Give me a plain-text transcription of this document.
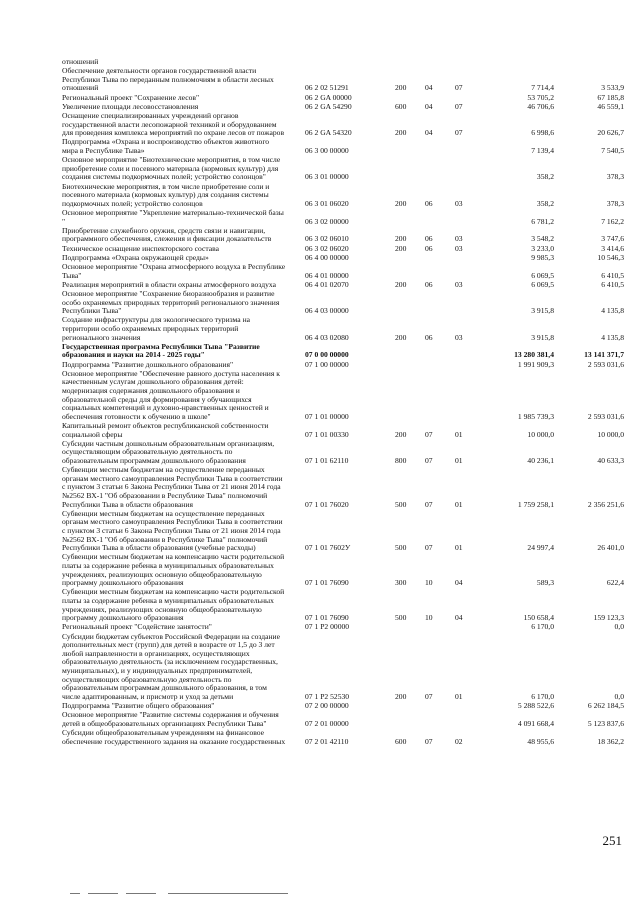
отношений
Обеспечение деятельности органов государственной власти
Республики Тыва по переданным полномочиям в области лесных
отношений	06 2 02 51291	200 04	07	7 714,4	3 533,9
Региональный проект "Сохранение лесов"	06 2 GA 00000	53 705,2	67 185,8
Увеличение площади лесовосстановления	06 2 GA 54290	600 04	07	46 706,6	46 559,1
Оснащение специализированных учреждений органов
государственной власти лесопожарной техникой и оборудованием
для проведения комплекса мероприятий по охране лесов от пожаров	06 2 GA 54320	200 04	07	6 998,6	20 626,7
Подпрограмма «Охрана и воспроизводство объектов животного
мира в Республике Тыва»	06 3 00 00000	7 139,4	7 540,5
Основное мероприятие "Биотехнические мероприятия, в том числе
приобретение соли и посевного материала (кормовых культур) для
создания системы подкормочных полей; устройство солонцов"	06 3 01 00000	358,2	378,3
Биотехнические мероприятия, в том числе приобретение соли и
посевного материала (кормовых культур) для создания системы
подкормочных полей; устройство солонцов	06 3 01 06020	200 06	03	358,2	378,3
Основное мероприятие "Укрепление материально-технической базы
"	06 3 02 00000	6 781,2	7 162,2
Приобретение служебного оружия, средств связи и навигации,
программного обеспечения, слежения и фиксации доказательств	06 3 02 06010	200 06	03	3 548,2	3 747,6
Техническое оснащение инспекторского состава	06 3 02 06020	200 06	03	3 233,0	3 414,6
Подпрограмма «Охрана окружающей среды»	06 4 00 00000	9 985,3	10 546,3
Основное мероприятие "Охрана атмосферного воздуха в Республике
Тыва"	06 4 01 00000	6 069,5	6 410,5
Реализация мероприятий в области охраны атмосферного воздуха	06 4 01 02070	200 06	03	6 069,5	6 410,5
Основное мероприятие "Сохранение биоразнообразия и развитие
особо охраняемых природных территорий регионального значения
Республики Тыва"	06 4 03 00000	3 915,8	4 135,8
Создание инфраструктуры для экологического туризма на
территории особо охраняемых природных территорий
регионального значения	06 4 03 02080	200 06	03	3 915,8	4 135,8
Государственная программа Республики Тыва "Развитие
образования и науки на 2014 - 2025 годы"	07 0 00 00000	13 280 381,4	13 141 371,7
Подпрограмма "Развитие дошкольного образования"	07 1 00 00000	1 991 909,3	2 593 031,6
Основное мероприятие "Обеспечение равного доступа населения к
качественным услугам дошкольного образования детей:
модернизация содержания дошкольного образования и
образовательной среды для формирования у обучающихся
социальных компетенций и духовно-нравственных ценностей и
обеспечения готовности к обучению в школе"	07 1 01 00000	1 985 739,3	2 593 031,6
Капитальный ремонт объектов республиканской собственности
социальной сферы	07 1 01 00330	200 07	01	10 000,0	10 000,0
Субсидии частным дошкольным образовательным организациям,
осуществляющим образовательную деятельность по
образовательным программам дошкольного образования	07 1 01 62110	800 07	01	40 236,1	40 633,3
Субвенции местным бюджетам на осуществление переданных
органам местного самоуправления Республики Тыва в соответствии
с пунктом 3 статьи 6 Закона Республики Тыва от 21 июня 2014 года
№2562 ВХ-1 "Об образовании в Республике Тыва" полномочий
Республики Тыва в области образования	07 1 01 76020	500 07	01	1 759 258,1	2 356 251,6
Субвенции местным бюджетам на осуществление переданных
органам местного самоуправления Республики Тыва в соответствии
с пунктом 3 статьи 6 Закона Республики Тыва от 21 июня 2014 года
№2562 ВХ-1 "Об образовании в Республике Тыва" полномочий
Республики Тыва в области образования (учебные расходы)	07 1 01 7602У	500 07	01	24 997,4	26 401,0
Субвенции местным бюджетам на компенсацию части родительской
платы за содержание ребенка в муниципальных образовательных
учреждениях, реализующих основную общеобразовательную
программу дошкольного образования	07 1 01 76090	300 10	04	589,3	622,4
Субвенции местным бюджетам на компенсацию части родительской
платы за содержание ребенка в муниципальных образовательных
учреждениях, реализующих основную общеобразовательную
программу дошкольного образования	07 1 01 76090	500 10	04	150 658,4	159 123,3
Региональный проект "Содействие занятости"	07 1 P2 00000	6 170,0	0,0
Субсидии бюджетам субъектов Российской Федерации на создание
дополнительных мест (групп) для детей в возрасте от 1,5 до 3 лет
любой направленности в организациях, осуществляющих
образовательную деятельность (за исключением государственных,
муниципальных), и у индивидуальных предпринимателей,
осуществляющих образовательную деятельность по
образовательным программам дошкольного образования, в том
числе адаптированным, и присмотр и уход за детьми	07 1 P2 52530	200 07	01	6 170,0	0,0
Подпрограмма "Развитие общего образования"	07 2 00 00000	5 288 522,6	6 262 184,5
Основное мероприятие "Развитие системы содержания и обучения
детей в общеобразовательных организациях Республики Тыва"	07 2 01 00000	4 091 668,4	5 123 837,6
Субсидии общеобразовательным учреждениям на финансовое
обеспечение государственного задания на оказание государственных	07 2 01 42110	600 07	02	48 955,6	18 362,2
251
